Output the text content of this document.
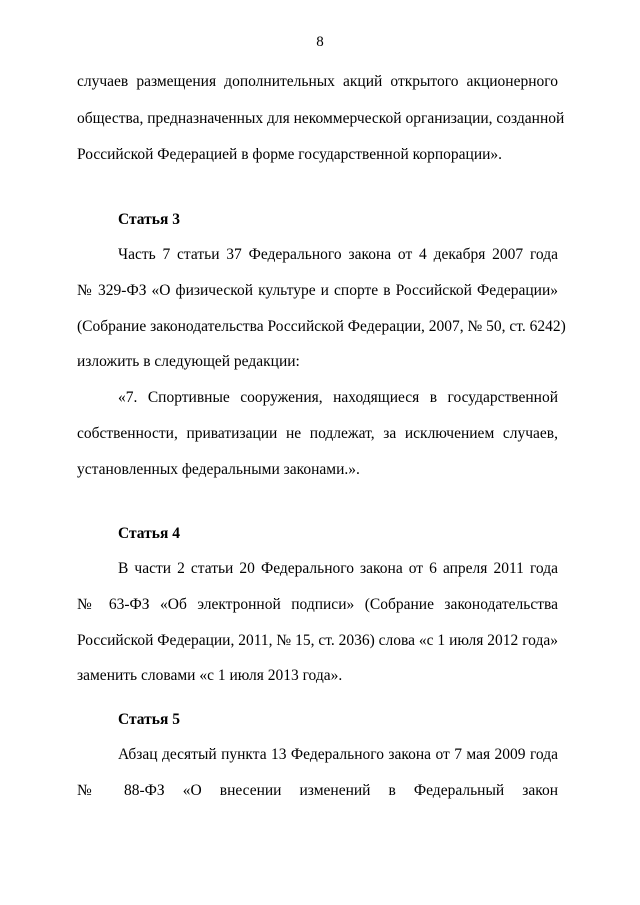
8
случаев размещения дополнительных акций открытого акционерного
общества, предназначенных для некоммерческой организации, созданной
Российской Федерацией в форме государственной корпорации».
Статья 3
Часть 7 статьи 37 Федерального закона от 4 декабря 2007 года
№ 329-ФЗ «О физической культуре и спорте в Российской Федерации»
(Собрание законодательства Российской Федерации, 2007, № 50, ст. 6242)
изложить в следующей редакции:
«7. Спортивные сооружения, находящиеся в государственной
собственности, приватизации не подлежат, за исключением случаев,
установленных федеральными законами.».
Статья 4
В части 2 статьи 20 Федерального закона от 6 апреля 2011 года
№ 63-ФЗ «Об электронной подписи» (Собрание законодательства
Российской Федерации, 2011, № 15, ст. 2036) слова «с 1 июля 2012 года»
заменить словами «с 1 июля 2013 года».
Статья 5
Абзац десятый пункта 13 Федерального закона от 7 мая 2009 года
№ 88-ФЗ «О внесении изменений в Федеральный закон
